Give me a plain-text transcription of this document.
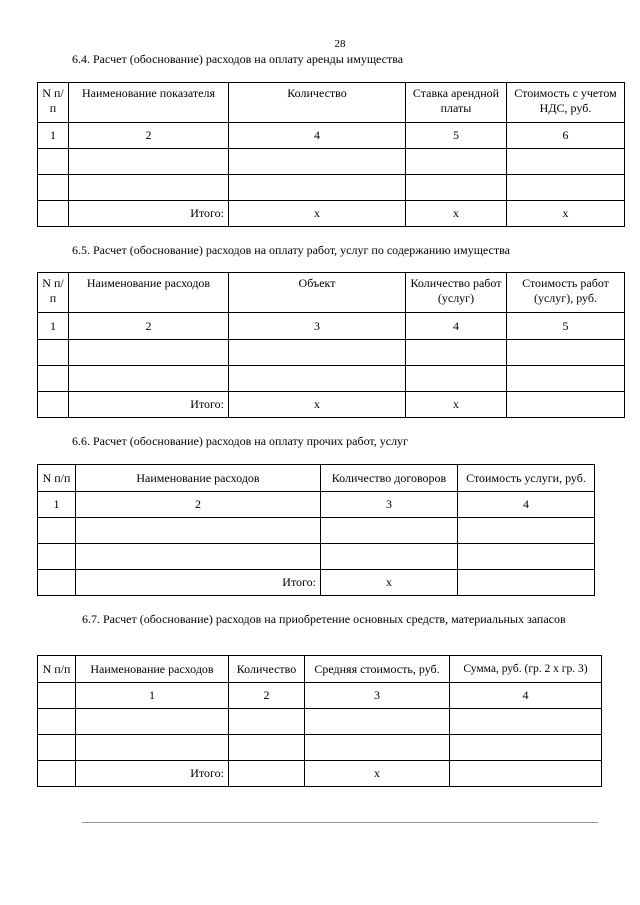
28
6.4. Расчет (обоснование) расходов на оплату аренды имущества
N п/п	Наименование показателя	Количество	Ставка арендной платы	Стоимость с учетом НДС, руб.
1	2	4	5	6

	Итого:	x	x	x
6.5. Расчет (обоснование) расходов на оплату работ, услуг по содержанию имущества
N п/п	Наименование расходов	Объект	Количество работ (услуг)	Стоимость работ (услуг), руб.
1	2	3	4	5

	Итого:	x	x	
6.6. Расчет (обоснование) расходов на оплату прочих работ, услуг
N п/п	Наименование расходов	Количество договоров	Стоимость услуги, руб.
1	2	3	4

	Итого:	x	
6.7. Расчет (обоснование) расходов на приобретение основных средств, материальных запасов
N п/п	Наименование расходов	Количество	Средняя стоимость, руб.	Сумма, руб. (гр. 2 x гр. 3)
	1	2	3	4

	Итого:		x	
